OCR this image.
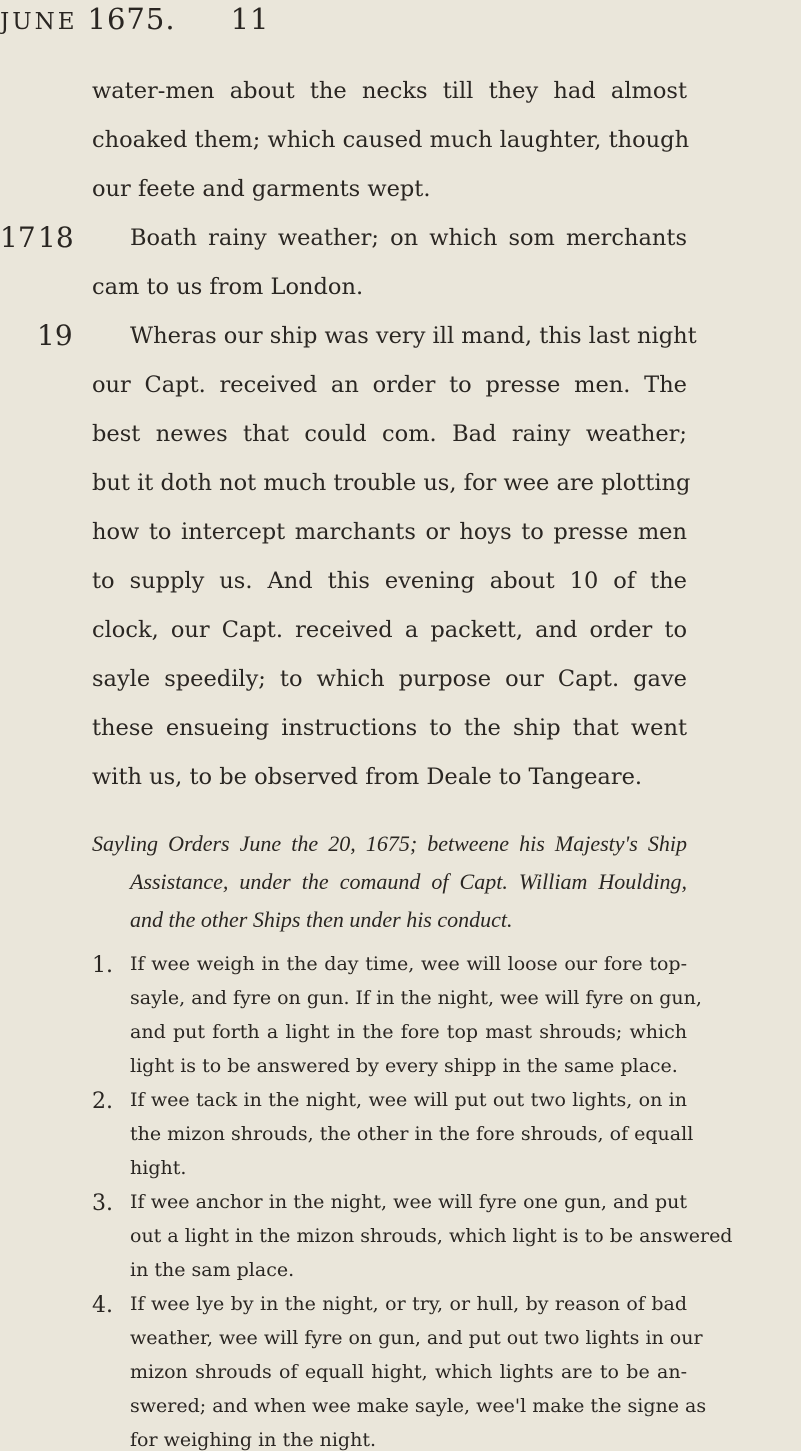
JUNE 1675. 11
17 18
19
water-men about the necks till they had almost
choaked them; which caused much laughter, though
our feete and garments wept.
Boath rainy weather; on which som merchants
cam to us from London.
Wheras our ship was very ill mand, this last night
our Capt. received an order to presse men. The
best newes that could com. Bad rainy weather;
but it doth not much trouble us, for wee are plotting
how to intercept marchants or hoys to presse men
to supply us. And this evening about 10 of the
clock, our Capt. received a packett, and order to
sayle speedily; to which purpose our Capt. gave
these ensueing instructions to the ship that went
with us, to be observed from Deale to Tangeare.
Sayling Orders June the 20, 1675; betweene his Majesty's Ship
Assistance, under the comaund of Capt. William Houlding,
and the other Ships then under his conduct.
1. If wee weigh in the day time, wee will loose our fore top-
sayle, and fyre on gun. If in the night, wee will fyre on gun,
and put forth a light in the fore top mast shrouds; which
light is to be answered by every shipp in the same place.
2. If wee tack in the night, wee will put out two lights, on in
the mizon shrouds, the other in the fore shrouds, of equall
hight.
3. If wee anchor in the night, wee will fyre one gun, and put
out a light in the mizon shrouds, which light is to be answered
in the sam place.
4. If wee lye by in the night, or try, or hull, by reason of bad
weather, wee will fyre on gun, and put out two lights in our
mizon shrouds of equall hight, which lights are to be an-
swered; and when wee make sayle, wee'l make the signe as
for weighing in the night.
